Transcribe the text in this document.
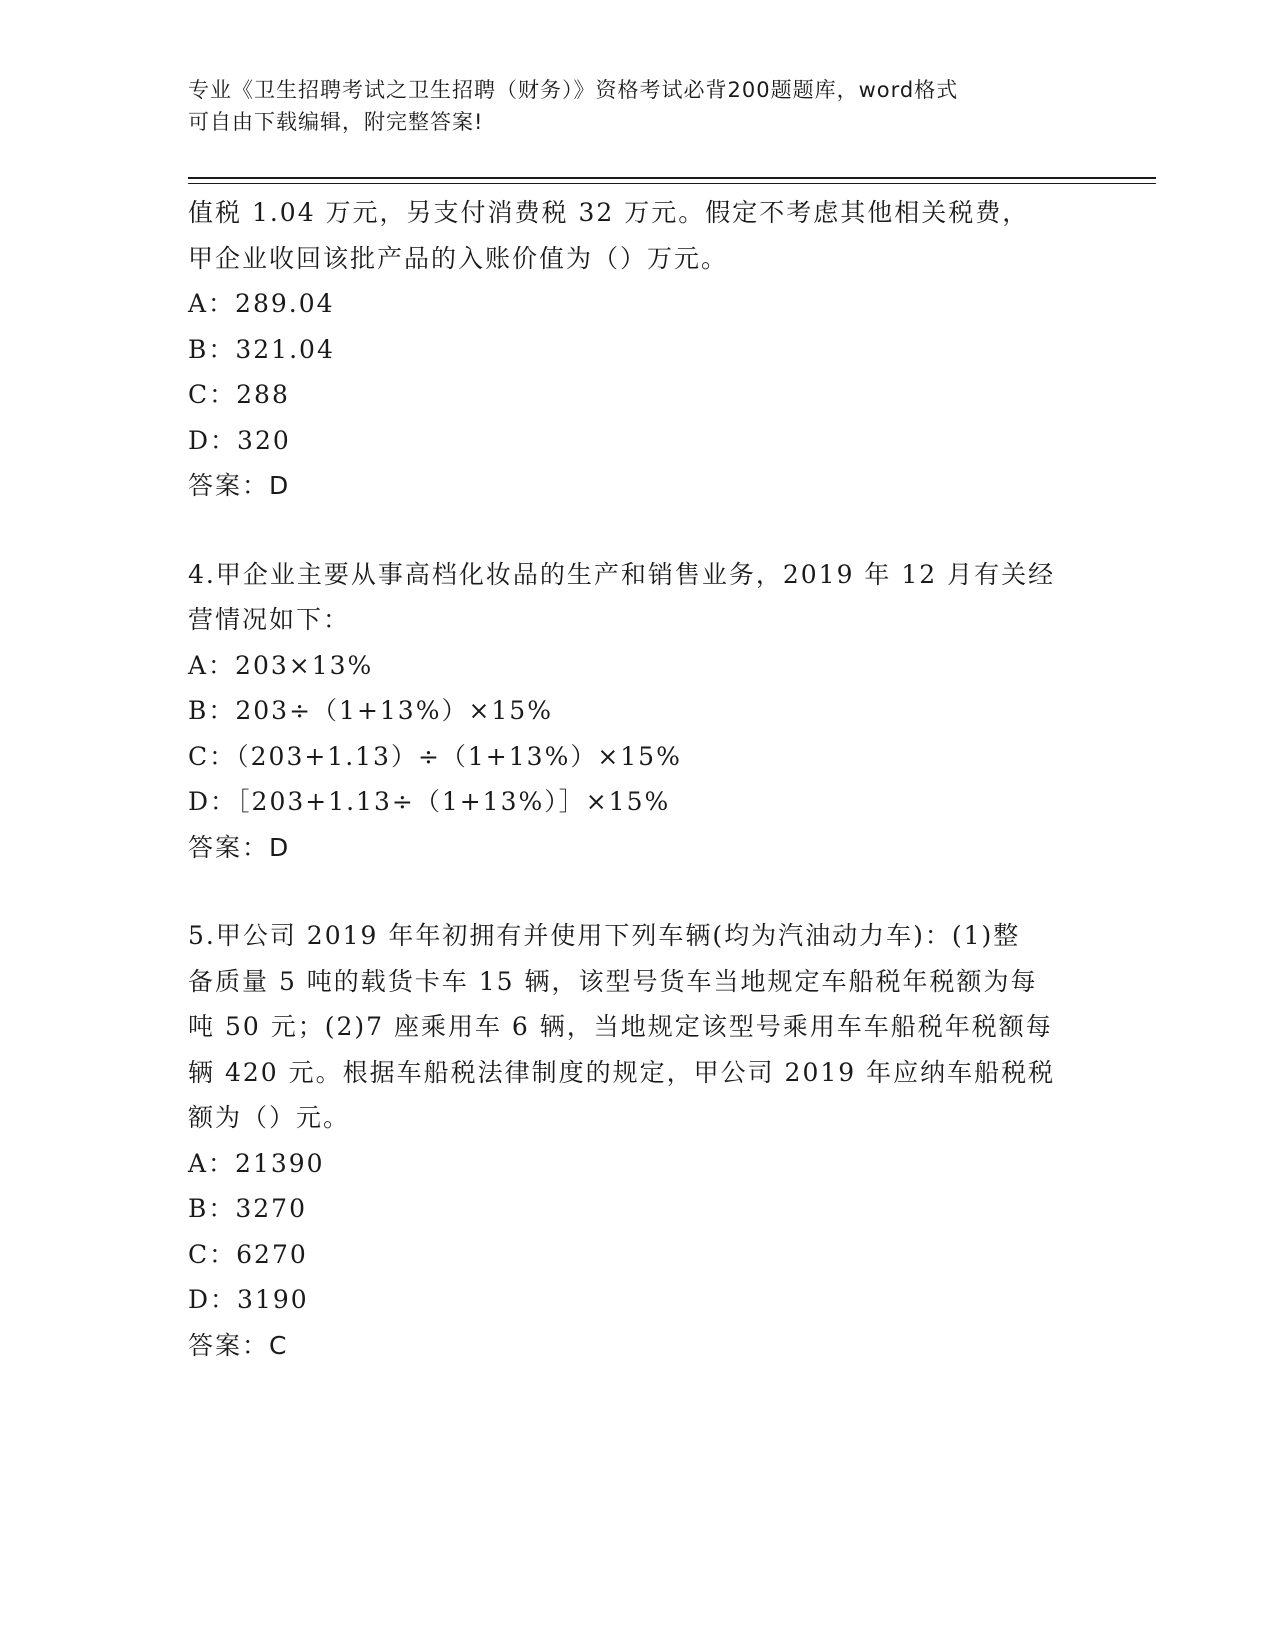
专业《卫生招聘考试之卫生招聘（财务）》资格考试必背200题题库，word格式
可自由下载编辑，附完整答案!
值税 1.04 万元，另支付消费税 32 万元。假定不考虑其他相关税费，
甲企业收回该批产品的入账价值为（）万元。
A：289.04
B：321.04
C：288
D：320
答案：D
4.甲企业主要从事高档化妆品的生产和销售业务，2019 年 12 月有关经
营情况如下：
A：203×13%
B：203÷（1+13%）×15%
C：（203+1.13）÷（1+13%）×15%
D：［203+1.13÷（1+13%）］×15%
答案：D
5.甲公司 2019 年年初拥有并使用下列车辆(均为汽油动力车)：(1)整
备质量 5 吨的载货卡车 15 辆，该型号货车当地规定车船税年税额为每
吨 50 元；(2)7 座乘用车 6 辆，当地规定该型号乘用车车船税年税额每
辆 420 元。根据车船税法律制度的规定，甲公司 2019 年应纳车船税税
额为（）元。
A：21390
B：3270
C：6270
D：3190
答案：C
